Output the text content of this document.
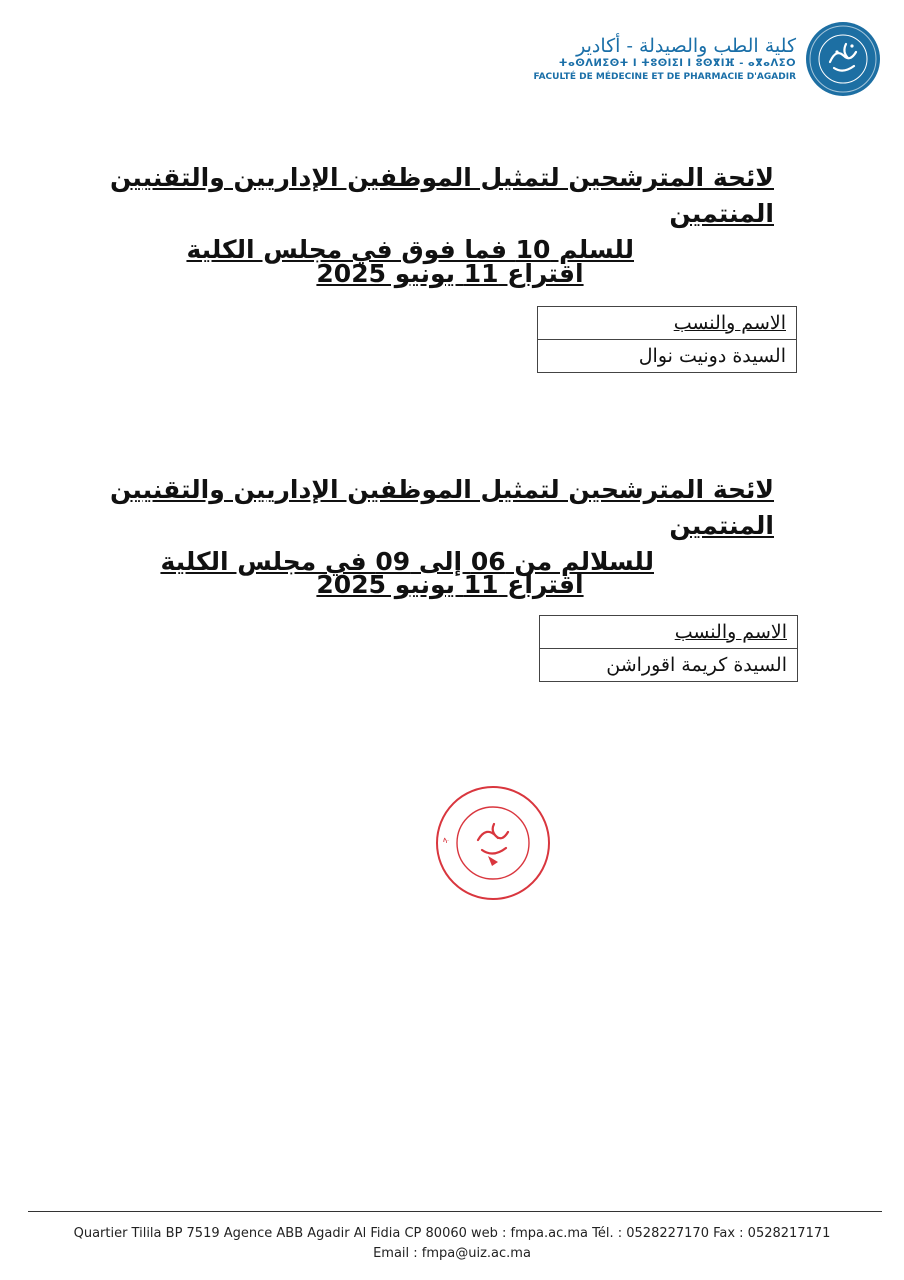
كلية الطب والصيدلة - أكادير
ⵜⴰⵙⴷⵍⵉⵙⵜ ⵏ ⵜⵓⵙⵏⵉⵏ ⵏ ⵓⵙⴳⵏⴼ - ⴰⴳⴰⴷⵉⵔ
FACULTÉ DE MÉDECINE ET DE PHARMACIE D'AGADIR

لائحة المترشحين لتمثيل الموظفين الإداريين والتقنيين المنتمين

للسلم 10 فما فوق في مجلس الكلية

اقتراع 11 يونيو 2025
الاسم والنسب
السيدة دونيت نوال

لائحة المترشحين لتمثيل الموظفين الإداريين والتقنيين المنتمين

للسلالم من 06 إلى 09 في مجلس الكلية

اقتراع 11 يونيو 2025
الاسم والنسب
السيدة كريمة اقوراشن
ج
Quartier Tilila BP 7519 Agence ABB Agadir Al Fidia CP 80060 web : fmpa.ac.ma Tél. : 0528227170 Fax : 0528217171
Email : fmpa@uiz.ac.ma
